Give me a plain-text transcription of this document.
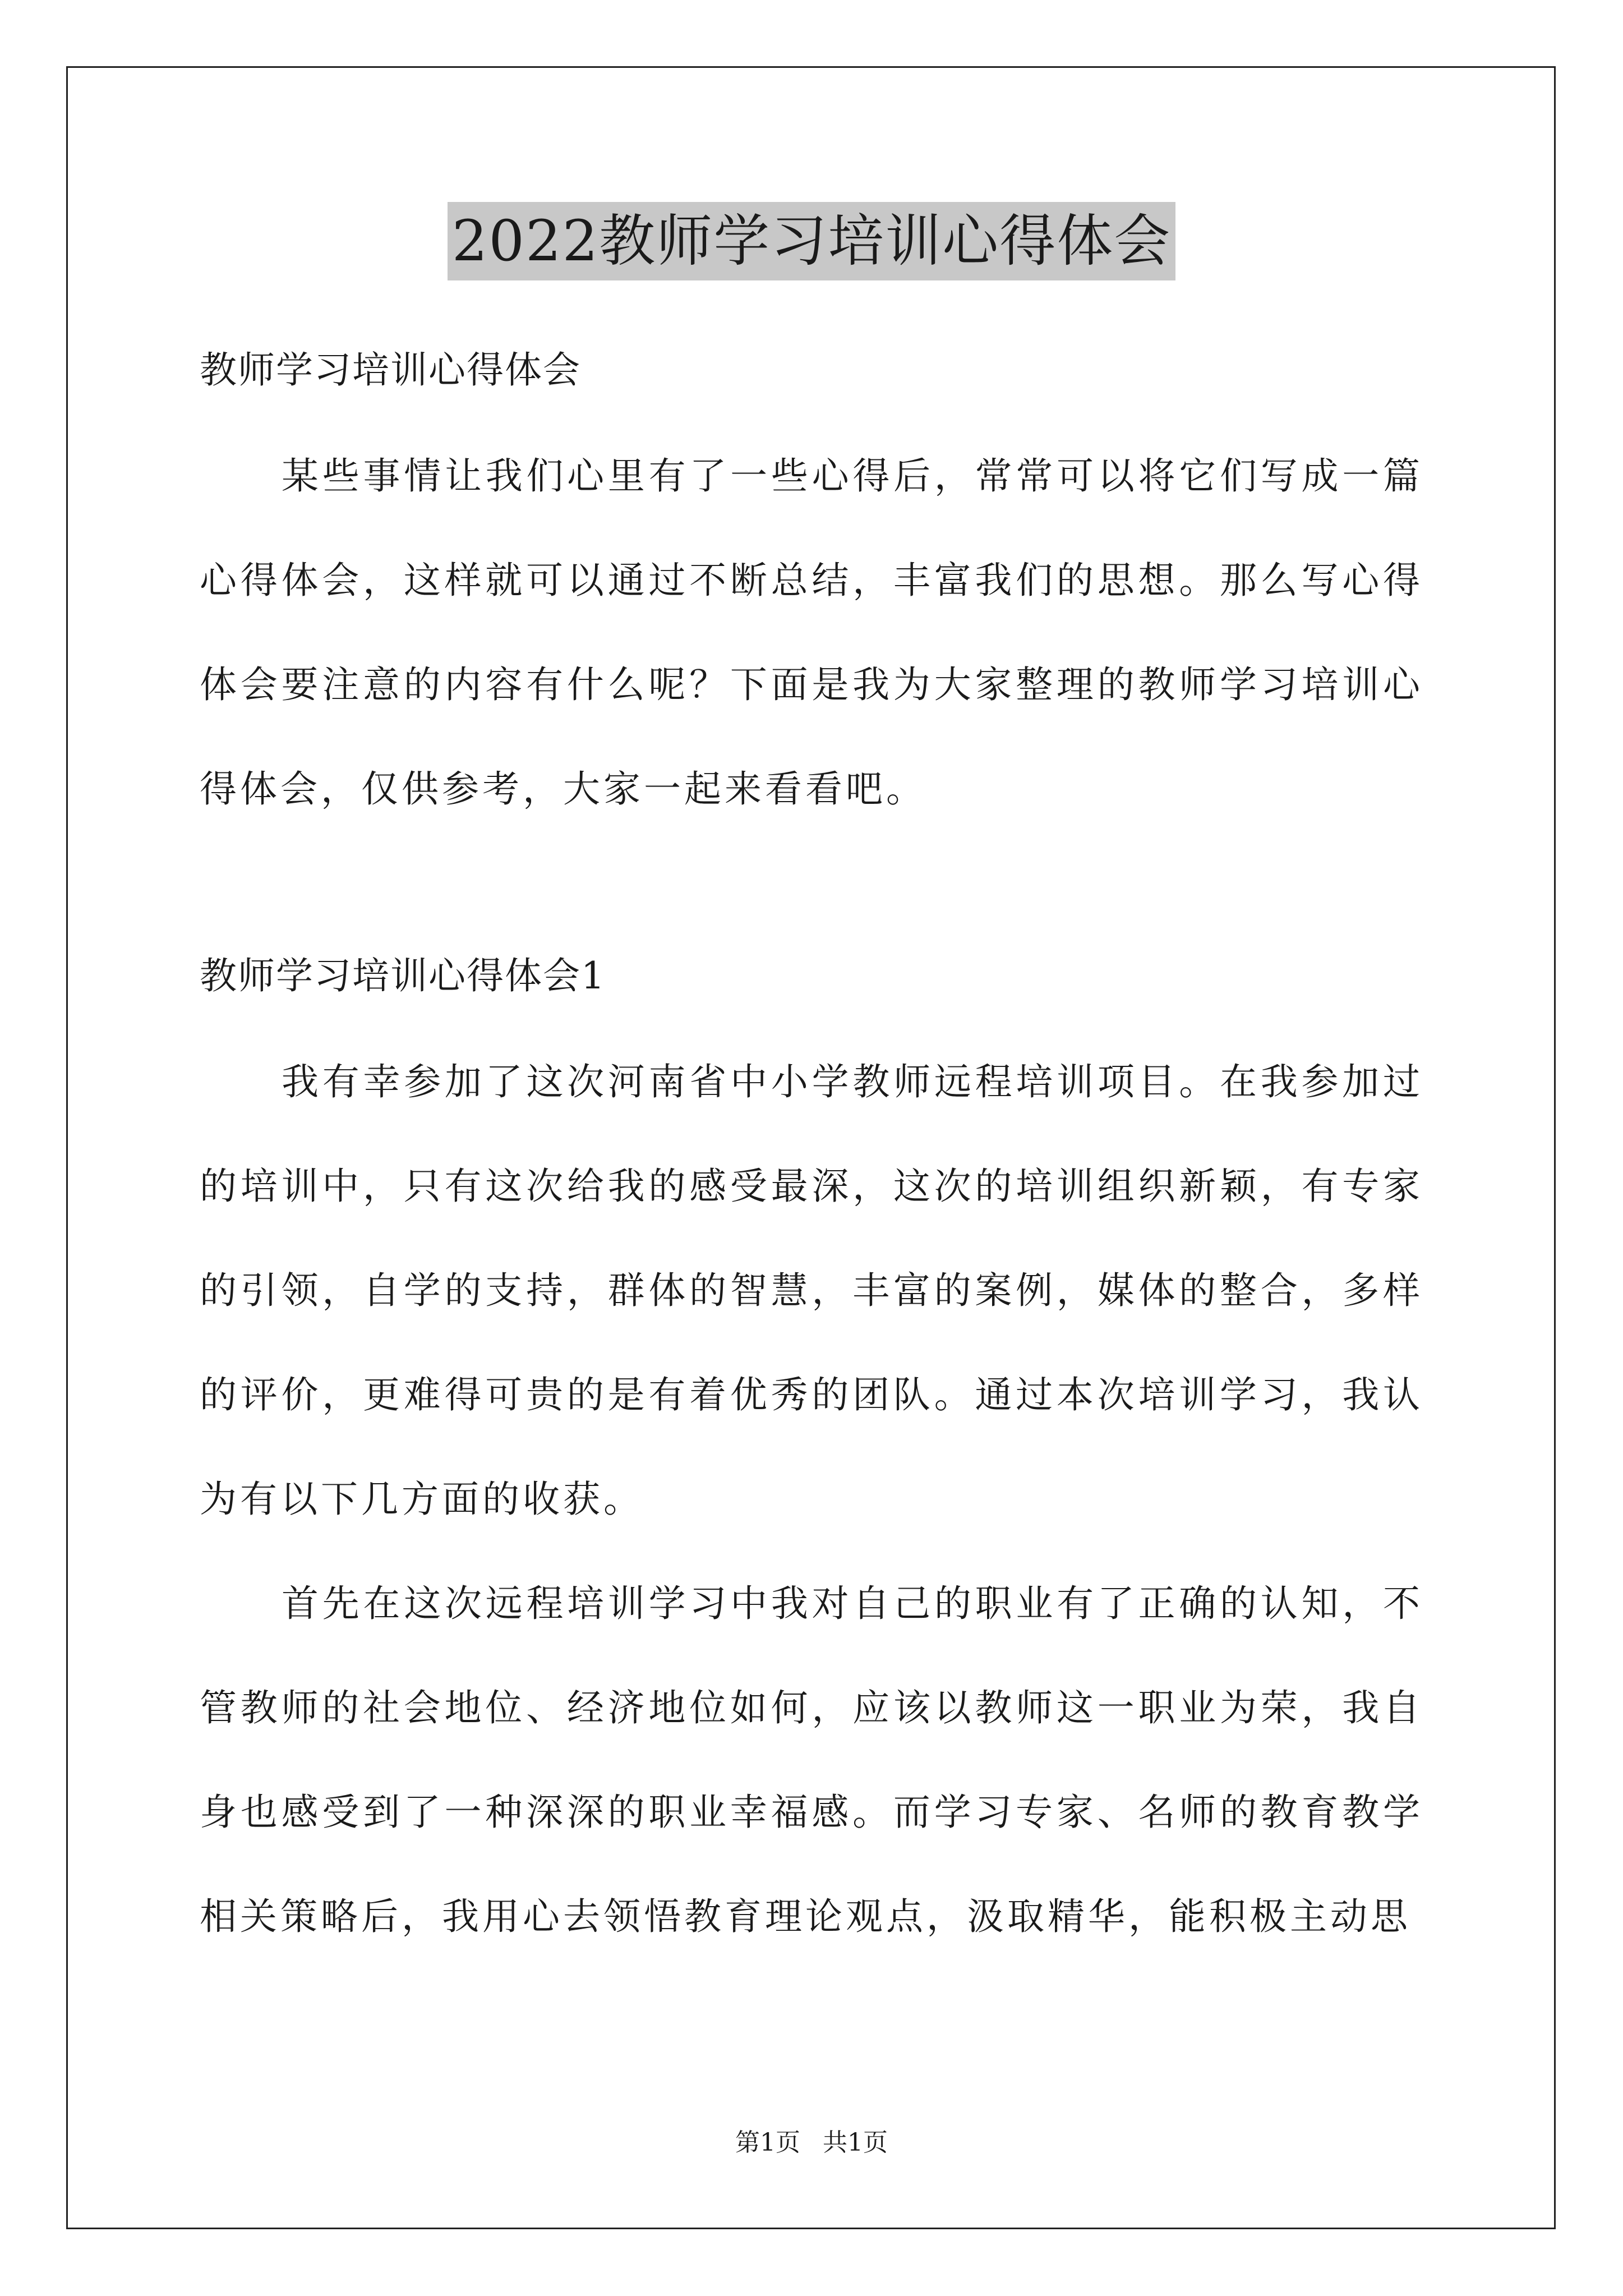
2022教师学习培训心得体会

教师学习培训心得体会

某些事情让我们心里有了一些心得后，常常可以将它们写成一篇心得体会，这样就可以通过不断总结，丰富我们的思想。那么写心得体会要注意的内容有什么呢？下面是我为大家整理的教师学习培训心得体会，仅供参考，大家一起来看看吧。

教师学习培训心得体会1

我有幸参加了这次河南省中小学教师远程培训项目。在我参加过的培训中，只有这次给我的感受最深，这次的培训组织新颖，有专家的引领，自学的支持，群体的智慧，丰富的案例，媒体的整合，多样的评价，更难得可贵的是有着优秀的团队。通过本次培训学习，我认为有以下几方面的收获。

首先在这次远程培训学习中我对自己的职业有了正确的认知，不管教师的社会地位、经济地位如何，应该以教师这一职业为荣，我自身也感受到了一种深深的职业幸福感。而学习专家、名师的教育教学相关策略后，我用心去领悟教育理论观点，汲取精华，能积极主动思

第1页 共1页
